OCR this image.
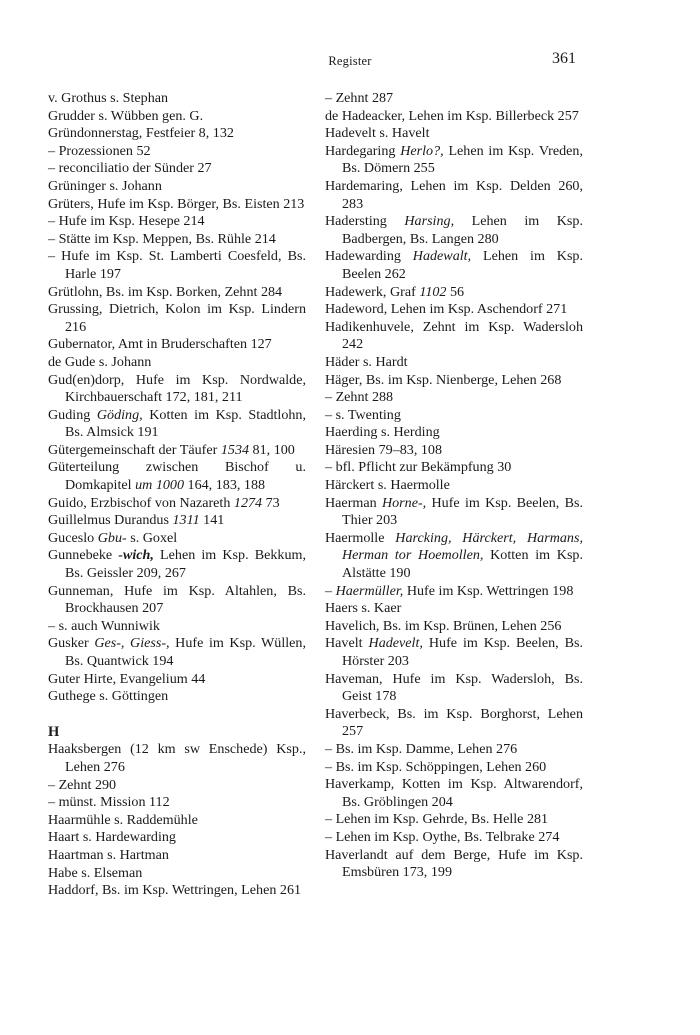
Register	361
v. Grothus s. Stephan
Grudder s. Wübben gen. G.
Gründonnerstag, Festfeier 8, 132
– Prozessionen 52
– reconciliatio der Sünder 27
Grüninger s. Johann
Grüters, Hufe im Ksp. Börger, Bs. Eisten 213
– Hufe im Ksp. Hesepe 214
– Stätte im Ksp. Meppen, Bs. Rühle 214
– Hufe im Ksp. St. Lamberti Coesfeld, Bs. Harle 197
Grütlohn, Bs. im Ksp. Borken, Zehnt 284
Grussing, Dietrich, Kolon im Ksp. Lindern 216
Gubernator, Amt in Bruderschaften 127
de Gude s. Johann
Gud(en)dorp, Hufe im Ksp. Nordwalde, Kirchbauerschaft 172, 181, 211
Guding Göding, Kotten im Ksp. Stadtlohn, Bs. Almsick 191
Gütergemeinschaft der Täufer 1534 81, 100
Güterteilung zwischen Bischof u. Domkapitel um 1000 164, 183, 188
Guido, Erzbischof von Nazareth 1274 73
Guillelmus Durandus 1311 141
Guceslo Gbu- s. Goxel
Gunnebeke -wich, Lehen im Ksp. Bekkum, Bs. Geissler 209, 267
Gunneman, Hufe im Ksp. Altahlen, Bs. Brockhausen 207
– s. auch Wunniwik
Gusker Ges-, Giess-, Hufe im Ksp. Wüllen, Bs. Quantwick 194
Guter Hirte, Evangelium 44
Guthege s. Göttingen
H
Haaksbergen (12 km sw Enschede) Ksp., Lehen 276
– Zehnt 290
– münst. Mission 112
Haarmühle s. Raddemühle
Haart s. Hardewarding
Haartman s. Hartman
Habe s. Elseman
Haddorf, Bs. im Ksp. Wettringen, Lehen 261
– Zehnt 287
de Hadeacker, Lehen im Ksp. Billerbeck 257
Hadevelt s. Havelt
Hardegaring Herlo?, Lehen im Ksp. Vreden, Bs. Dömern 255
Hardemaring, Lehen im Ksp. Delden 260, 283
Hadersting Harsing, Lehen im Ksp. Badbergen, Bs. Langen 280
Hadewarding Hadewalt, Lehen im Ksp. Beelen 262
Hadewerk, Graf 1102 56
Hadeword, Lehen im Ksp. Aschendorf 271
Hadikenhuvele, Zehnt im Ksp. Wadersloh 242
Häder s. Hardt
Häger, Bs. im Ksp. Nienberge, Lehen 268
– Zehnt 288
– s. Twenting
Haerding s. Herding
Häresien 79–83, 108
– bfl. Pflicht zur Bekämpfung 30
Härckert s. Haermolle
Haerman Horne-, Hufe im Ksp. Beelen, Bs. Thier 203
Haermolle Harcking, Härckert, Harmans, Herman tor Hoemollen, Kotten im Ksp. Alstätte 190
– Haermüller, Hufe im Ksp. Wettringen 198
Haers s. Kaer
Havelich, Bs. im Ksp. Brünen, Lehen 256
Havelt Hadevelt, Hufe im Ksp. Beelen, Bs. Hörster 203
Haveman, Hufe im Ksp. Wadersloh, Bs. Geist 178
Haverbeck, Bs. im Ksp. Borghorst, Lehen 257
– Bs. im Ksp. Damme, Lehen 276
– Bs. im Ksp. Schöppingen, Lehen 260
Haverkamp, Kotten im Ksp. Altwarendorf, Bs. Gröblingen 204
– Lehen im Ksp. Gehrde, Bs. Helle 281
– Lehen im Ksp. Oythe, Bs. Telbrake 274
Haverlandt auf dem Berge, Hufe im Ksp. Emsbüren 173, 199
